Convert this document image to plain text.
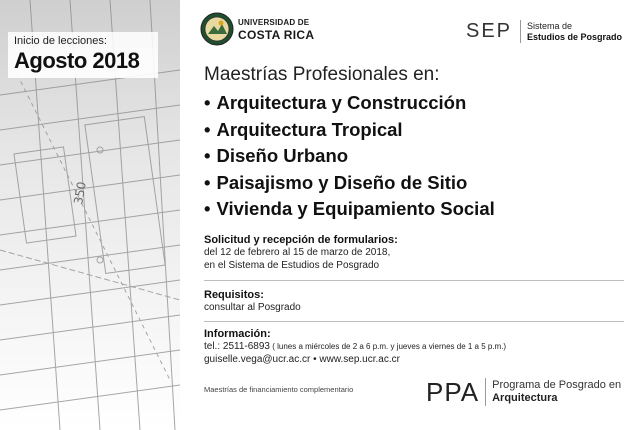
350
Inicio de lecciones:
Agosto 2018
UNIVERSIDAD DE
COSTA RICA	SEP	Sistema de
Estudios de Posgrado
Maestrías Profesionales en:
• Arquitectura y Construcción
• Arquitectura Tropical
• Diseño Urbano
• Paisajismo y Diseño de Sitio
• Vivienda y Equipamiento Social
Solicitud y recepción de formularios:
del 12 de febrero al 15 de marzo de 2018,
en el Sistema de Estudios de Posgrado
Requisitos:
consultar al Posgrado
Información:
tel.: 2511-6893 ( lunes a miércoles de 2 a 6 p.m. y jueves a viernes de 1 a 5 p.m.)
guiselle.vega@ucr.ac.cr • www.sep.ucr.ac.cr
Maestrías de financiamiento complementario	PPA	Programa de Posgrado en
Arquitectura
